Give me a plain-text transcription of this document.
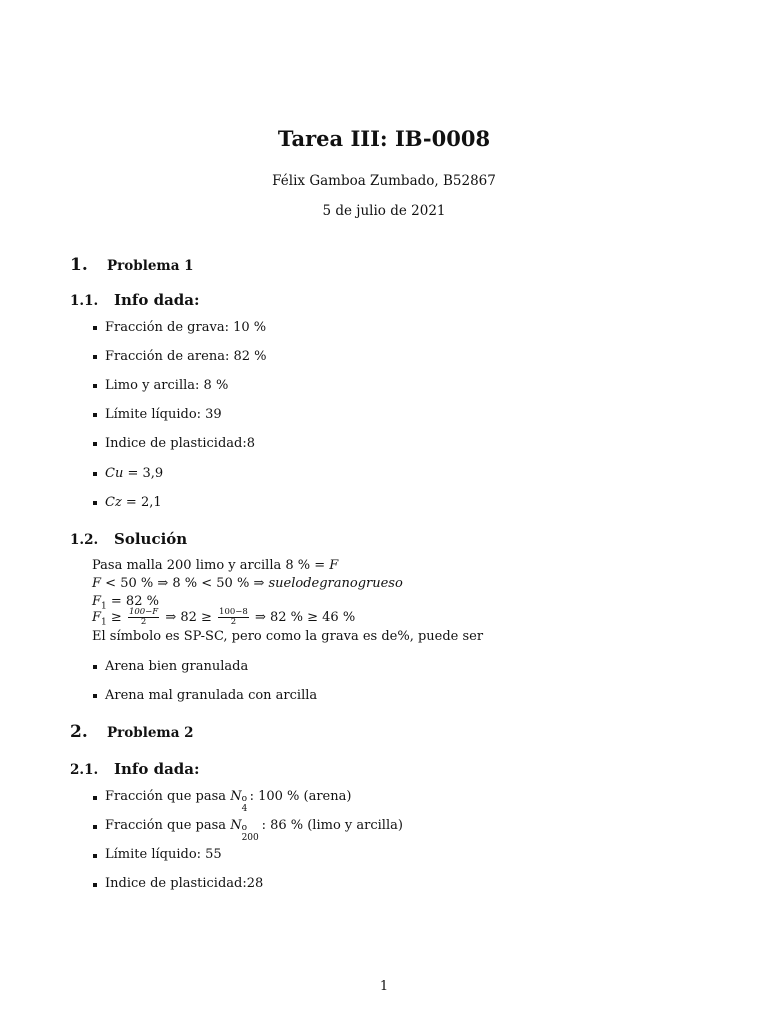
Tarea III: IB-0008
Félix Gamboa Zumbado, B52867
5 de julio de 2021
1. Problema 1
1.1. Info dada:
Fracción de grava: 10 %
Fracción de arena: 82 %
Limo y arcilla: 8 %
Límite líquido: 39
Indice de plasticidad:8
Cu = 3,9
Cz = 2,1
1.2. Solución
Pasa malla 200 limo y arcilla 8 % = F
F < 50 % ⇒ 8 % < 50 % ⇒ suelodegranogrueso
$F_1 = 82$ %
$F_1 \ge \frac{100-F}{2}$ ⇒ $82 \ge \frac{100-8}{2}$ ⇒ 82 % ≥ 46 %
El símbolo es SP-SC, pero como la grava es de%, puede ser
Arena bien granulada
Arena mal granulada con arcilla
2. Problema 2
2.1. Info dada:
Fracción que pasa N o
4
: 100 % (arena)
Fracción que pasa N o
200
: 86 % (limo y arcilla)
Límite líquido: 55
Indice de plasticidad:28
1
